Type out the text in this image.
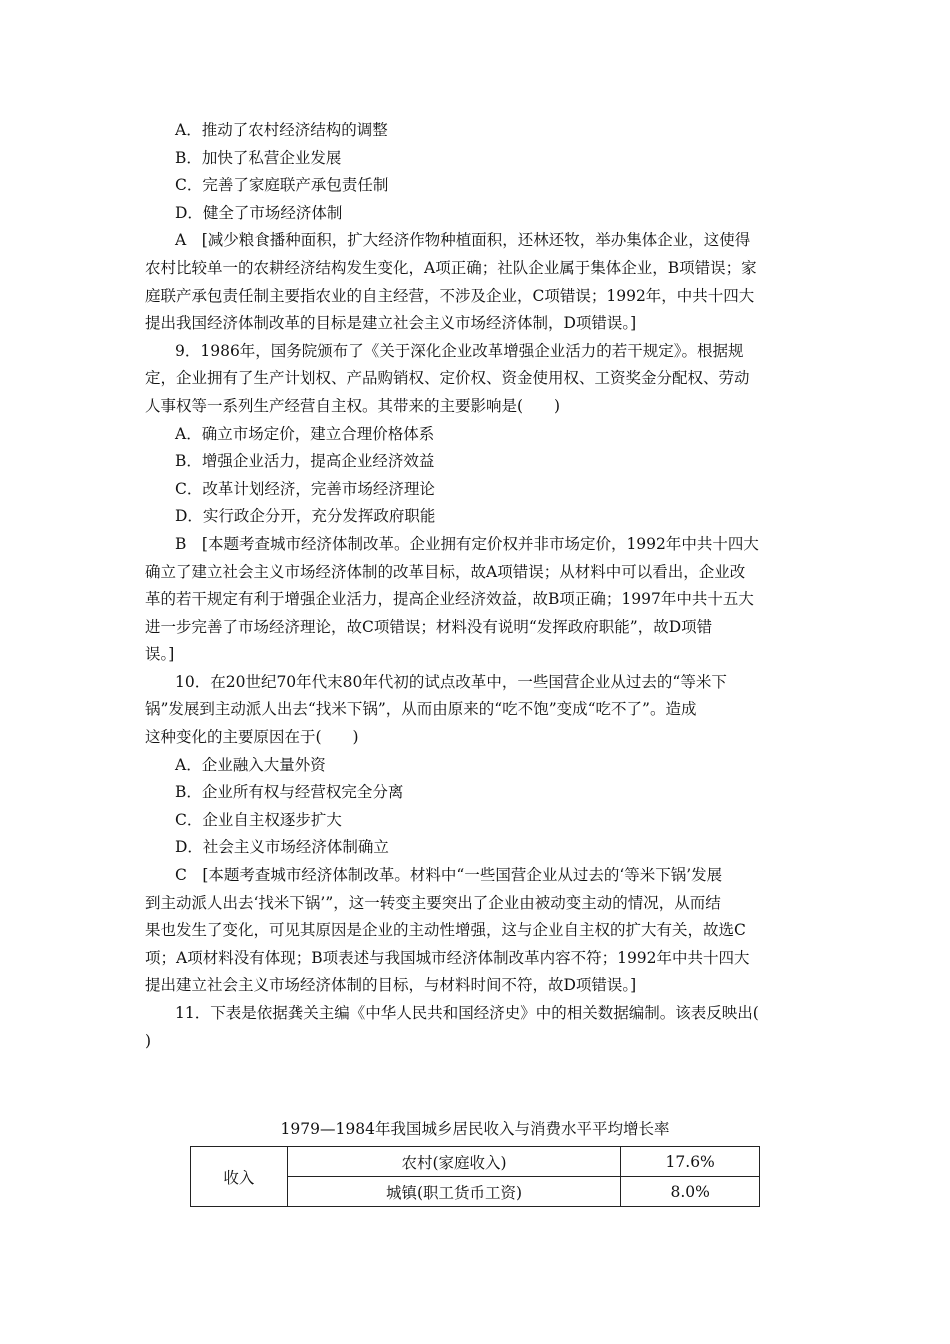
A．推动了农村经济结构的调整
B．加快了私营企业发展
C．完善了家庭联产承包责任制
D．健全了市场经济体制
A　[减少粮食播种面积，扩大经济作物种植面积，还林还牧，举办集体企业，这使得
农村比较单一的农耕经济结构发生变化，A项正确；社队企业属于集体企业，B项错误；家
庭联产承包责任制主要指农业的自主经营，不涉及企业，C项错误；1992年，中共十四大
提出我国经济体制改革的目标是建立社会主义市场经济体制，D项错误。]
9．1986年，国务院颁布了《关于深化企业改革增强企业活力的若干规定》。根据规
定，企业拥有了生产计划权、产品购销权、定价权、资金使用权、工资奖金分配权、劳动
人事权等一系列生产经营自主权。其带来的主要影响是(　　)
A．确立市场定价，建立合理价格体系
B．增强企业活力，提高企业经济效益
C．改革计划经济，完善市场经济理论
D．实行政企分开，充分发挥政府职能
B　[本题考查城市经济体制改革。企业拥有定价权并非市场定价，1992年中共十四大
确立了建立社会主义市场经济体制的改革目标，故A项错误；从材料中可以看出，企业改
革的若干规定有利于增强企业活力，提高企业经济效益，故B项正确；1997年中共十五大
进一步完善了市场经济理论，故C项错误；材料没有说明“发挥政府职能”，故D项错
误。]
10．在20世纪70年代末80年代初的试点改革中，一些国营企业从过去的“等米下
锅”发展到主动派人出去“找米下锅”，从而由原来的“吃不饱”变成“吃不了”。造成
这种变化的主要原因在于(　　)
A．企业融入大量外资
B．企业所有权与经营权完全分离
C．企业自主权逐步扩大
D．社会主义市场经济体制确立
C　[本题考查城市经济体制改革。材料中“一些国营企业从过去的‘等米下锅’发展
到主动派人出去‘找米下锅’”，这一转变主要突出了企业由被动变主动的情况，从而结
果也发生了变化，可见其原因是企业的主动性增强，这与企业自主权的扩大有关，故选C
项；A项材料没有体现；B项表述与我国城市经济体制改革内容不符；1992年中共十四大
提出建立社会主义市场经济体制的目标，与材料时间不符，故D项错误。]
11．下表是依据龚关主编《中华人民共和国经济史》中的相关数据编制。该表反映出(
)
1979—1984年我国城乡居民收入与消费水平平均增长率
收入	农村(家庭收入)	17.6%
	城镇(职工货币工资)	8.0%
